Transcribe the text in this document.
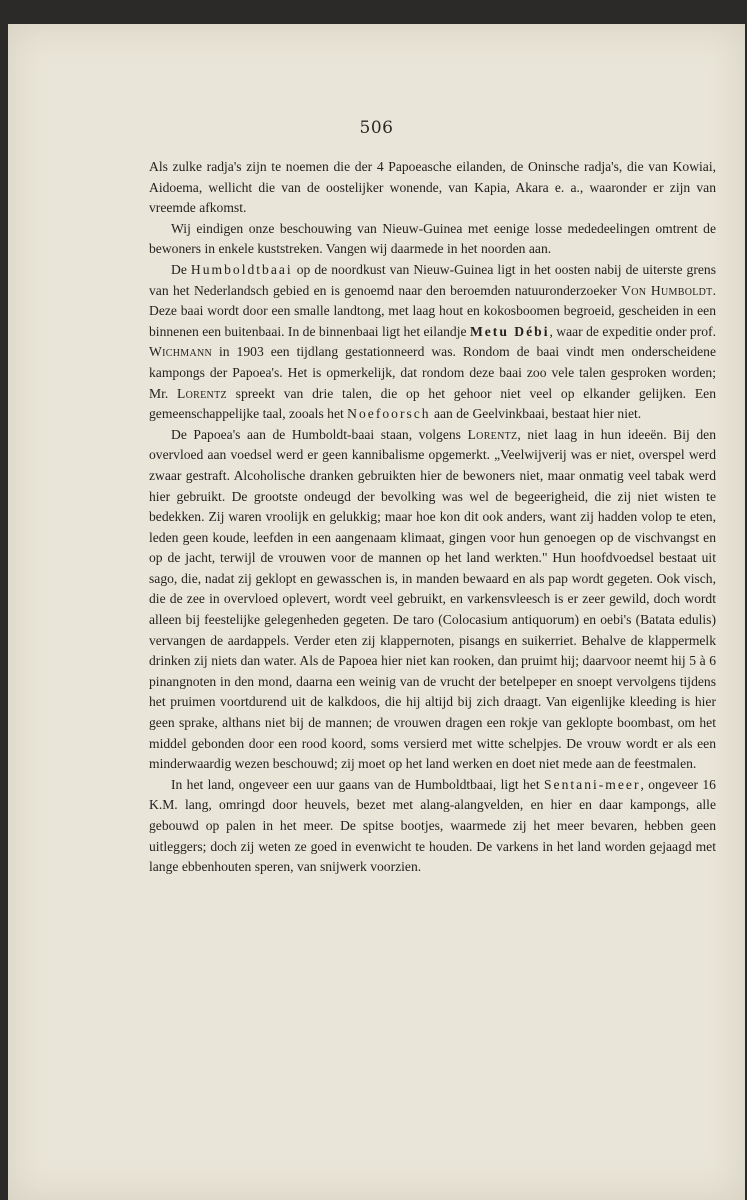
506

Als zulke radja's zijn te noemen die der 4 Papoeasche eilanden, de Oninsche radja's, die van Kowiai, Aidoema, wellicht die van de oostelijker wonende, van Kapia, Akara e. a., waaronder er zijn van vreemde afkomst.

Wij eindigen onze beschouwing van Nieuw-Guinea met eenige losse mededeelingen omtrent de bewoners in enkele kuststreken. Vangen wij daarmede in het noorden aan.

De Humboldtbaai op de noordkust van Nieuw-Guinea ligt in het oosten nabij de uiterste grens van het Nederlandsch gebied en is genoemd naar den beroemden natuuronderzoeker Von Humboldt. Deze baai wordt door een smalle landtong, met laag hout en kokosboomen begroeid, gescheiden in een binnenen een buitenbaai. In de binnenbaai ligt het eilandje Metu Débi, waar de expeditie onder prof. Wichmann in 1903 een tijdlang gestationneerd was. Rondom de baai vindt men onderscheidene kampongs der Papoea's. Het is opmerkelijk, dat rondom deze baai zoo vele talen gesproken worden; Mr. Lorentz spreekt van drie talen, die op het gehoor niet veel op elkander gelijken. Een gemeenschappelijke taal, zooals het Noefoorsch aan de Geelvinkbaai, bestaat hier niet.

De Papoea's aan de Humboldt-baai staan, volgens Lorentz, niet laag in hun ideeën. Bij den overvloed aan voedsel werd er geen kannibalisme opgemerkt. „Veelwijverij was er niet, overspel werd zwaar gestraft. Alcoholische dranken gebruikten hier de bewoners niet, maar onmatig veel tabak werd hier gebruikt. De grootste ondeugd der bevolking was wel de begeerigheid, die zij niet wisten te bedekken. Zij waren vroolijk en gelukkig; maar hoe kon dit ook anders, want zij hadden volop te eten, leden geen koude, leefden in een aangenaam klimaat, gingen voor hun genoegen op de vischvangst en op de jacht, terwijl de vrouwen voor de mannen op het land werkten." Hun hoofdvoedsel bestaat uit sago, die, nadat zij geklopt en gewasschen is, in manden bewaard en als pap wordt gegeten. Ook visch, die de zee in overvloed oplevert, wordt veel gebruikt, en varkensvleesch is er zeer gewild, doch wordt alleen bij feestelijke gelegenheden gegeten. De taro (Colocasium antiquorum) en oebi's (Batata edulis) vervangen de aardappels. Verder eten zij klappernoten, pisangs en suikerriet. Behalve de klappermelk drinken zij niets dan water. Als de Papoea hier niet kan rooken, dan pruimt hij; daarvoor neemt hij 5 à 6 pinangnoten in den mond, daarna een weinig van de vrucht der betelpeper en snoept vervolgens tijdens het pruimen voortdurend uit de kalkdoos, die hij altijd bij zich draagt. Van eigenlijke kleeding is hier geen sprake, althans niet bij de mannen; de vrouwen dragen een rokje van geklopte boombast, om het middel gebonden door een rood koord, soms versierd met witte schelpjes. De vrouw wordt er als een minderwaardig wezen beschouwd; zij moet op het land werken en doet niet mede aan de feestmalen.

In het land, ongeveer een uur gaans van de Humboldtbaai, ligt het Sentani-meer, ongeveer 16 K.M. lang, omringd door heuvels, bezet met alang-alangvelden, en hier en daar kampongs, alle gebouwd op palen in het meer. De spitse bootjes, waarmede zij het meer bevaren, hebben geen uitleggers; doch zij weten ze goed in evenwicht te houden. De varkens in het land worden gejaagd met lange ebbenhouten speren, van snijwerk voorzien.
